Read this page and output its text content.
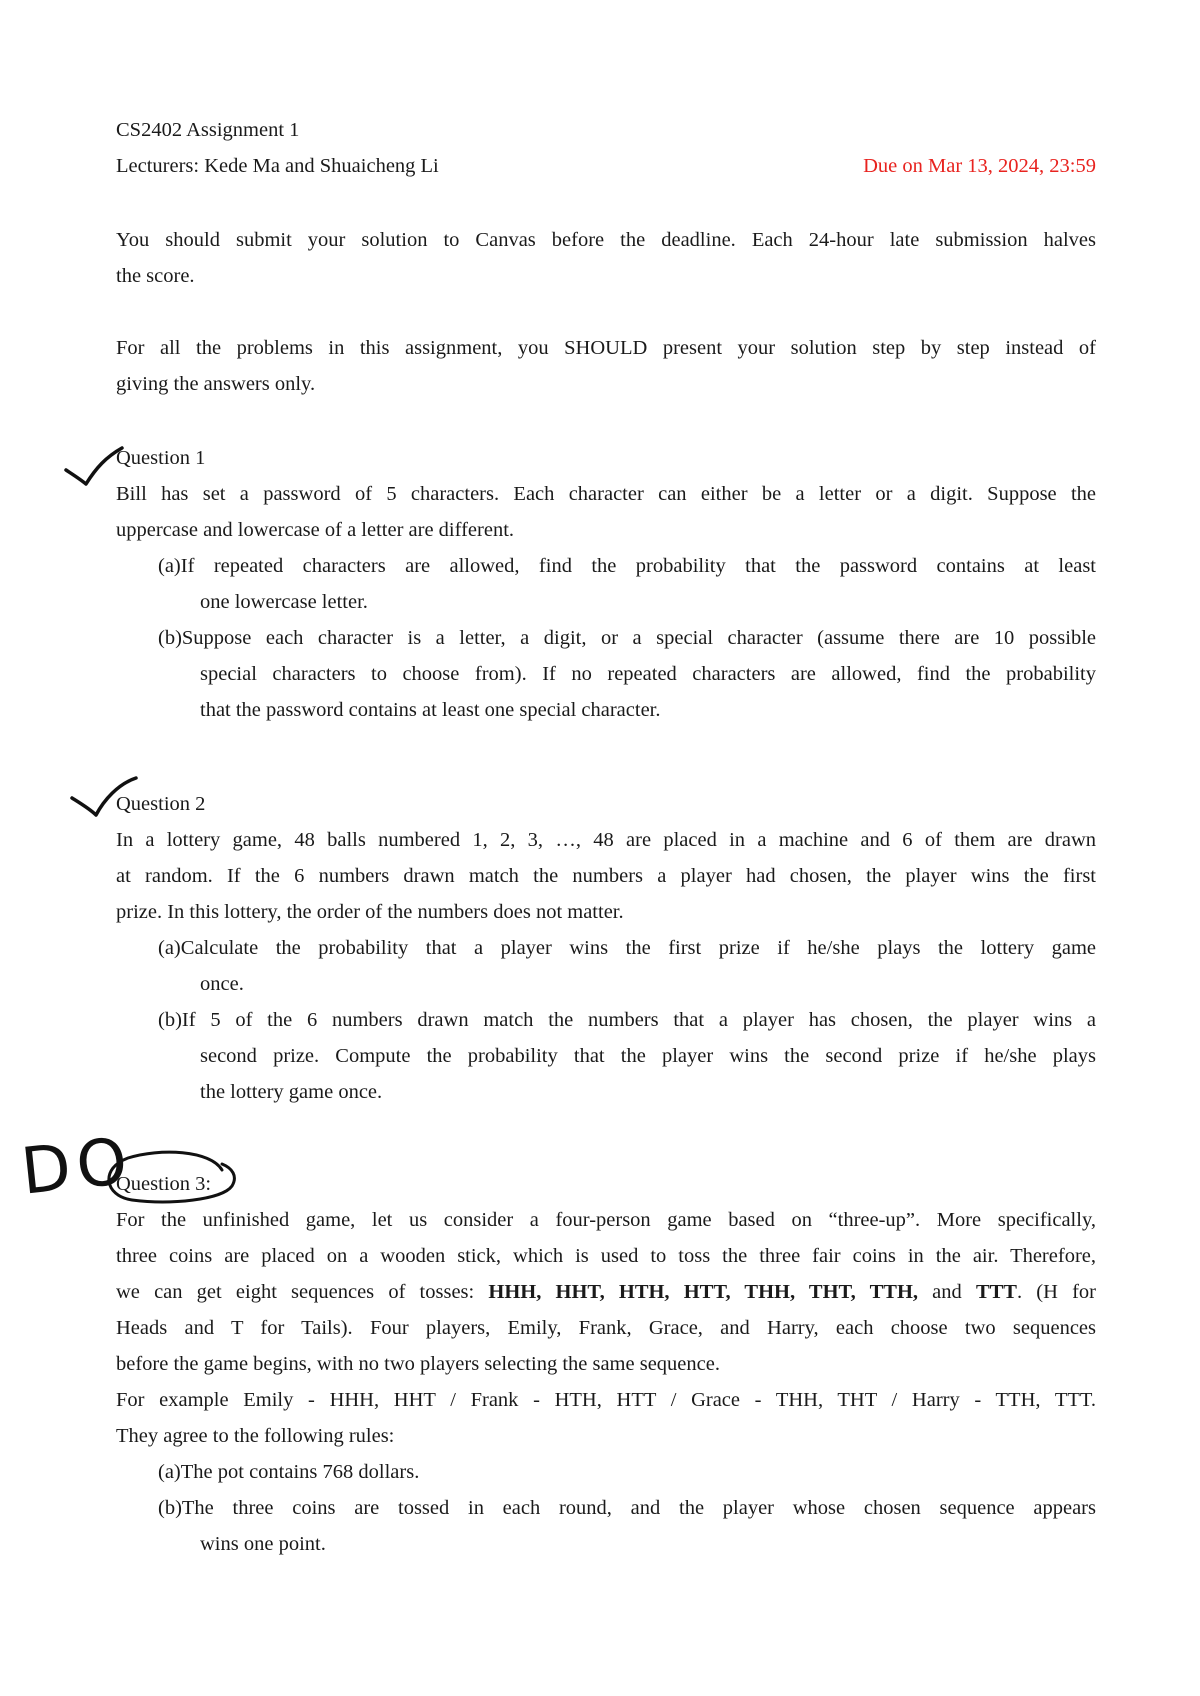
CS2402 Assignment 1
Lecturers: Kede Ma and Shuaicheng Li	Due on Mar 13, 2024, 23:59
You should submit your solution to Canvas before the deadline. Each 24-hour late submission halves
the score.
For all the problems in this assignment, you SHOULD present your solution step by step instead of
giving the answers only.
Question 1
Bill has set a password of 5 characters. Each character can either be a letter or a digit. Suppose the
uppercase and lowercase of a letter are different.
(a)If repeated characters are allowed, find the probability that the password contains at least
one lowercase letter.
(b)Suppose each character is a letter, a digit, or a special character (assume there are 10 possible
special characters to choose from). If no repeated characters are allowed, find the probability
that the password contains at least one special character.
Question 2
In a lottery game, 48 balls numbered 1, 2, 3, …, 48 are placed in a machine and 6 of them are drawn
at random. If the 6 numbers drawn match the numbers a player had chosen, the player wins the first
prize. In this lottery, the order of the numbers does not matter.
(a)Calculate the probability that a player wins the first prize if he/she plays the lottery game
once.
(b)If 5 of the 6 numbers drawn match the numbers that a player has chosen, the player wins a
second prize. Compute the probability that the player wins the second prize if he/she plays
the lottery game once.
Question 3:
For the unfinished game, let us consider a four-person game based on “three-up”. More specifically,
three coins are placed on a wooden stick, which is used to toss the three fair coins in the air. Therefore,
we can get eight sequences of tosses: HHH, HHT, HTH, HTT, THH, THT, TTH, and TTT. (H for
Heads and T for Tails). Four players, Emily, Frank, Grace, and Harry, each choose two sequences
before the game begins, with no two players selecting the same sequence.
For example Emily - HHH, HHT / Frank - HTH, HTT / Grace - THH, THT / Harry - TTH, TTT.
They agree to the following rules:
(a)The pot contains 768 dollars.
(b)The three coins are tossed in each round, and the player whose chosen sequence appears
wins one point.
DO
